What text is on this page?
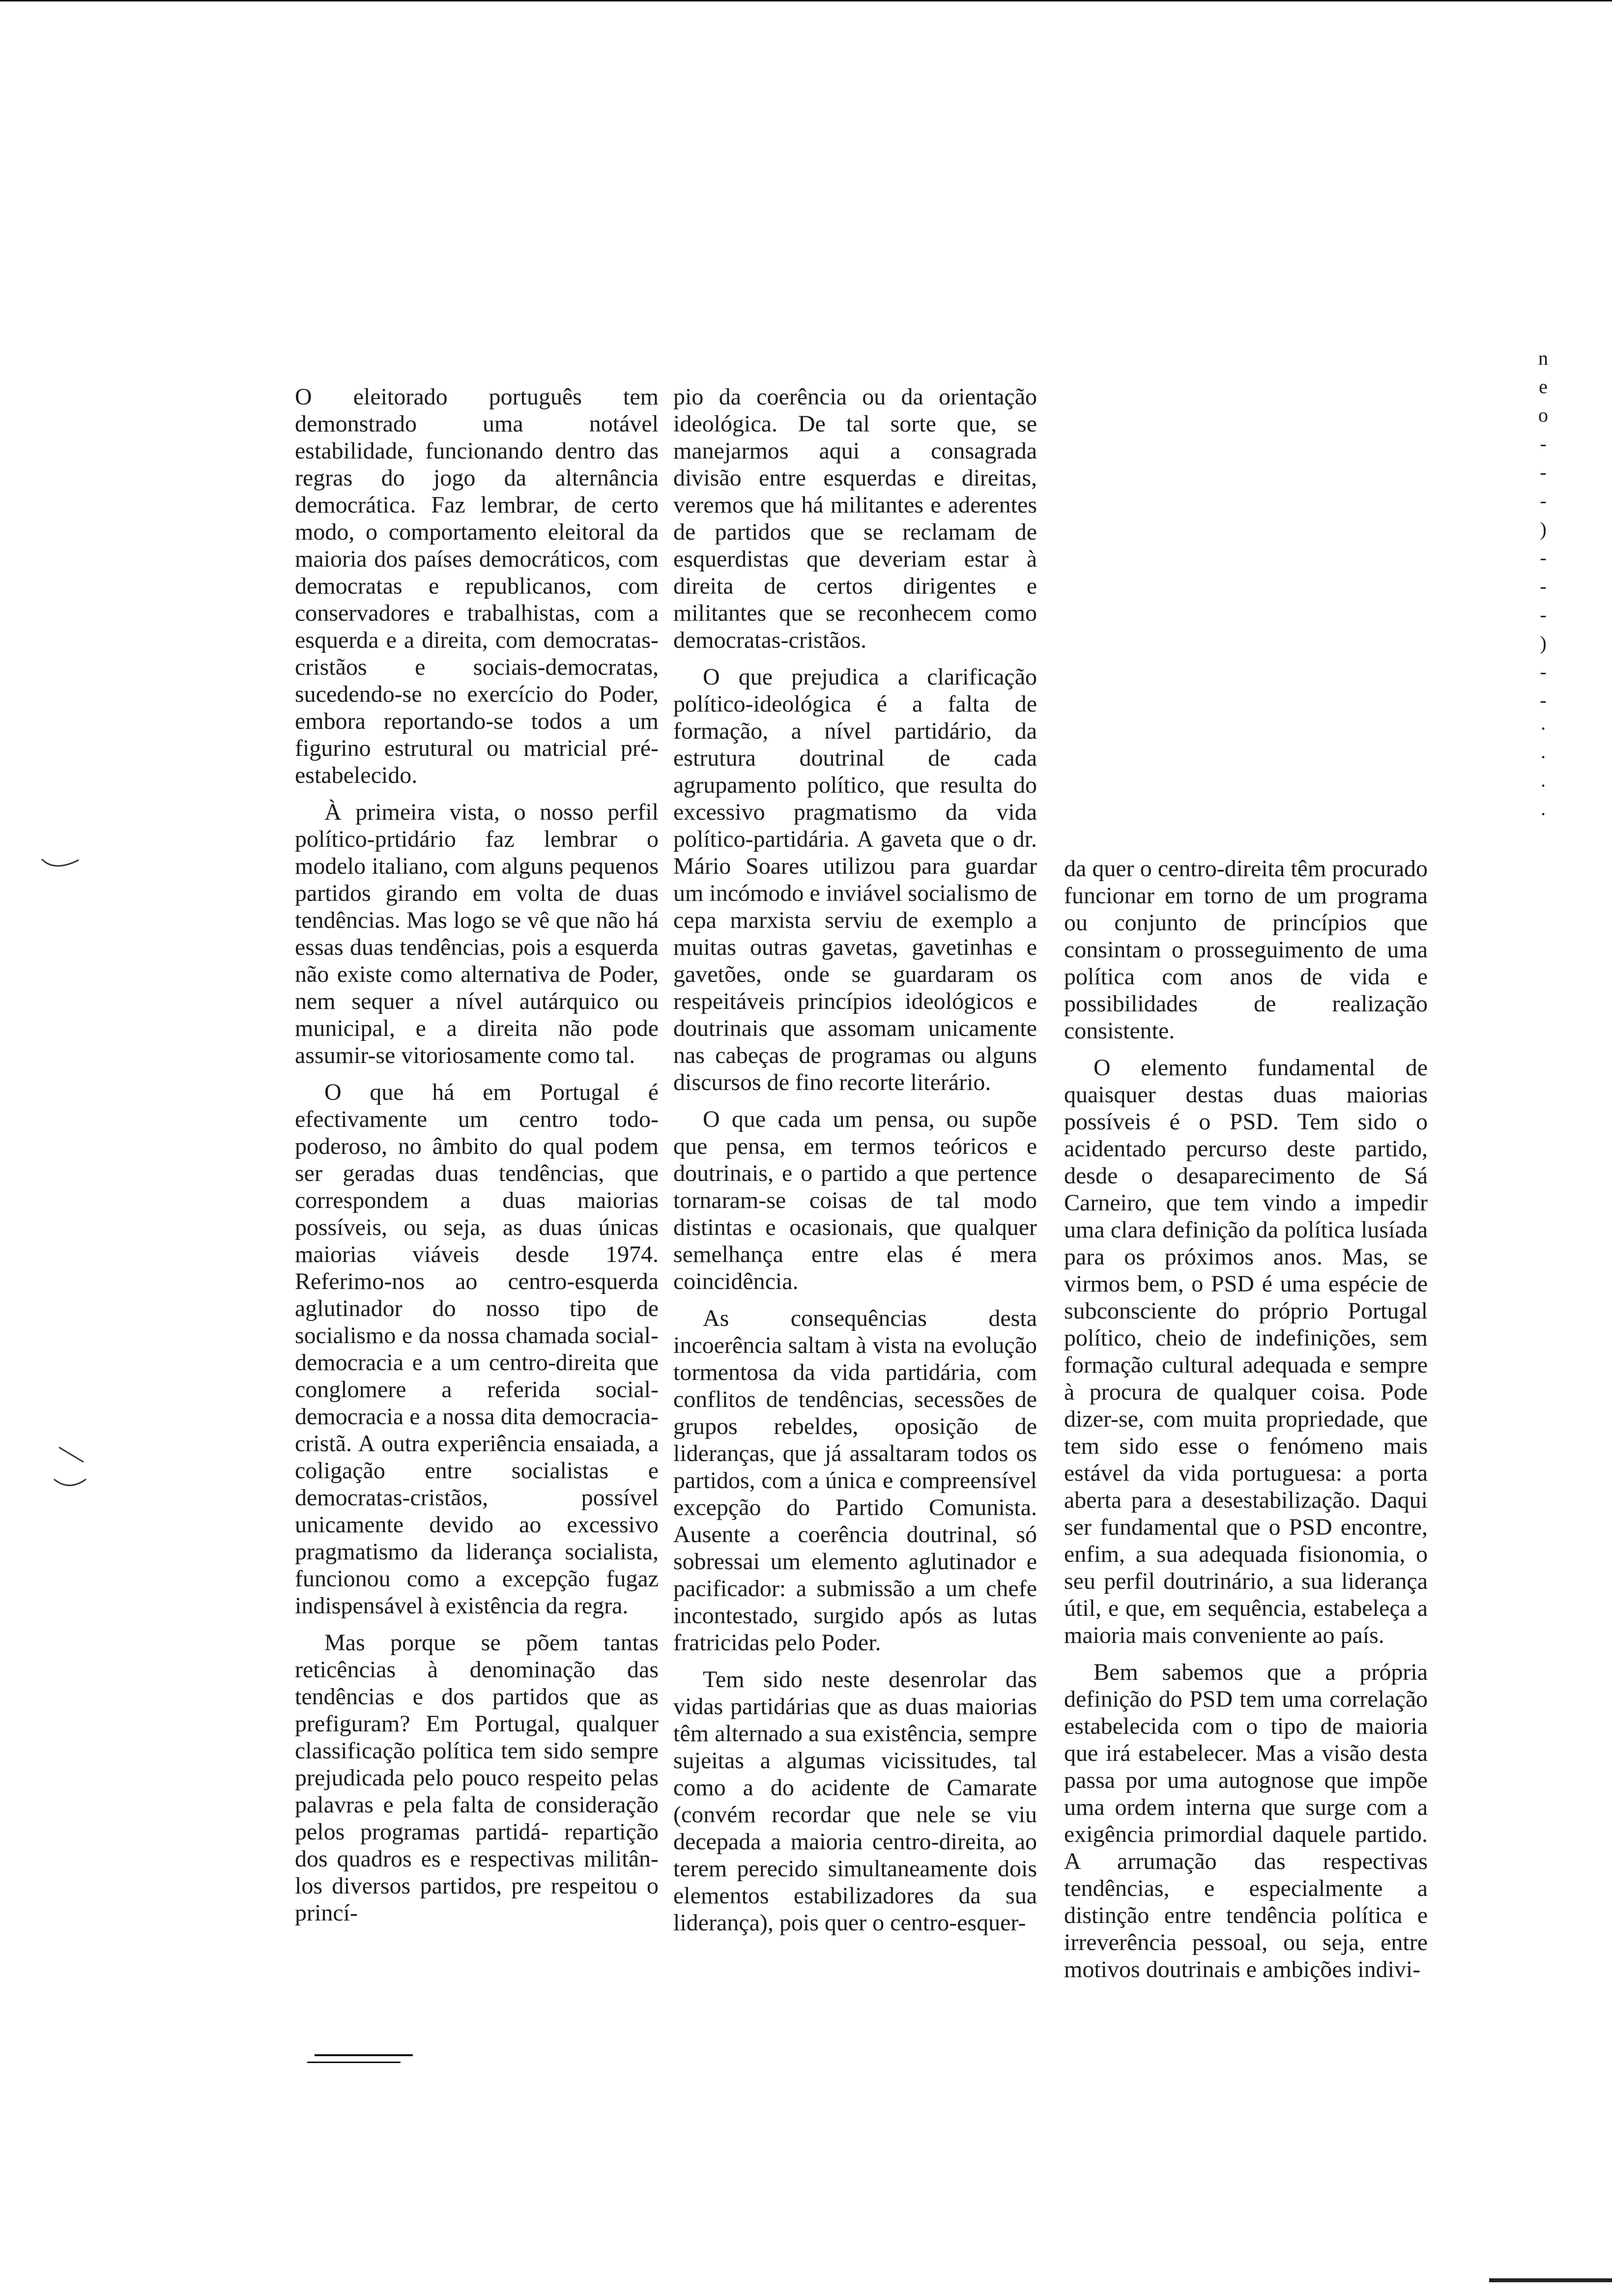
O eleitorado português tem demonstrado uma notável estabilidade, funcionando dentro das regras do jogo da alternância democrática. Faz lembrar, de certo modo, o comportamento eleitoral da maioria dos países democráticos, com democratas e republicanos, com conservadores e trabalhistas, com a esquerda e a direita, com democratas-cristãos e sociais-democratas, sucedendo-se no exercício do Poder, embora reportando-se todos a um figurino estrutural ou matricial pré-estabelecido.

À primeira vista, o nosso perfil político-prtidário faz lembrar o modelo italiano, com alguns pequenos partidos girando em volta de duas tendências. Mas logo se vê que não há essas duas tendências, pois a esquerda não existe como alternativa de Poder, nem sequer a nível autárquico ou municipal, e a direita não pode assumir-se vitoriosamente como tal.

O que há em Portugal é efectivamente um centro todo-poderoso, no âmbito do qual podem ser geradas duas tendências, que correspondem a duas maiorias possíveis, ou seja, as duas únicas maiorias viáveis desde 1974. Referimo-nos ao centro-esquerda aglutinador do nosso tipo de socialismo e da nossa chamada social-democracia e a um centro-direita que conglomere a referida social-democracia e a nossa dita democracia-cristã. A outra experiência ensaiada, a coligação entre socialistas e democratas-cristãos, possível unicamente devido ao excessivo pragmatismo da liderança socialista, funcionou como a excepção fugaz indispensável à existência da regra.

Mas porque se põem tantas reticências à denominação das tendências e dos partidos que as prefiguram? Em Portugal, qualquer classificação política tem sido sempre prejudicada pelo pouco respeito pelas palavras e pela falta de consideração pelos programas partidá- repartição dos quadros es e respectivas militân- los diversos partidos, pre respeitou o princí-

pio da coerência ou da orientação ideológica. De tal sorte que, se manejarmos aqui a consagrada divisão entre esquerdas e direitas, veremos que há militantes e aderentes de partidos que se reclamam de esquerdistas que deveriam estar à direita de certos dirigentes e militantes que se reconhecem como democratas-cristãos.

O que prejudica a clarificação político-ideológica é a falta de formação, a nível partidário, da estrutura doutrinal de cada agrupamento político, que resulta do excessivo pragmatismo da vida político-partidária. A gaveta que o dr. Mário Soares utilizou para guardar um incómodo e inviável socialismo de cepa marxista serviu de exemplo a muitas outras gavetas, gavetinhas e gavetões, onde se guardaram os respeitáveis princípios ideológicos e doutrinais que assomam unicamente nas cabeças de programas ou alguns discursos de fino recorte literário.

O que cada um pensa, ou supõe que pensa, em termos teóricos e doutrinais, e o partido a que pertence tornaram-se coisas de tal modo distintas e ocasionais, que qualquer semelhança entre elas é mera coincidência.

As consequências desta incoerência saltam à vista na evolução tormentosa da vida partidária, com conflitos de tendências, secessões de grupos rebeldes, oposição de lideranças, que já assaltaram todos os partidos, com a única e compreensível excepção do Partido Comunista. Ausente a coerência doutrinal, só sobressai um elemento aglutinador e pacificador: a submissão a um chefe incontestado, surgido após as lutas fratricidas pelo Poder.

Tem sido neste desenrolar das vidas partidárias que as duas maiorias têm alternado a sua existência, sempre sujeitas a algumas vicissitudes, tal como a do acidente de Camarate (convém recordar que nele se viu decepada a maioria centro-direita, ao terem perecido simultaneamente dois elementos estabilizadores da sua liderança), pois quer o centro-esquer-

da quer o centro-direita têm procurado funcionar em torno de um programa ou conjunto de princípios que consintam o prosseguimento de uma política com anos de vida e possibilidades de realização consistente.

O elemento fundamental de quaisquer destas duas maiorias possíveis é o PSD. Tem sido o acidentado percurso deste partido, desde o desaparecimento de Sá Carneiro, que tem vindo a impedir uma clara definição da política lusíada para os próximos anos. Mas, se virmos bem, o PSD é uma espécie de subconsciente do próprio Portugal político, cheio de indefinições, sem formação cultural adequada e sempre à procura de qualquer coisa. Pode dizer-se, com muita propriedade, que tem sido esse o fenómeno mais estável da vida portuguesa: a porta aberta para a desestabilização. Daqui ser fundamental que o PSD encontre, enfim, a sua adequada fisionomia, o seu perfil doutrinário, a sua liderança útil, e que, em sequência, estabeleça a maioria mais conveniente ao país.

Bem sabemos que a própria definição do PSD tem uma correlação estabelecida com o tipo de maioria que irá estabelecer. Mas a visão desta passa por uma autognose que impõe uma ordem interna que surge com a exigência primordial daquele partido. A arrumação das respectivas tendências, e especialmente a distinção entre tendência política e irreverência pessoal, ou seja, entre motivos doutrinais e ambições indivi-

n
e
o
-
-
-
)
-
-
-
)
-
-
·
·
·
·
